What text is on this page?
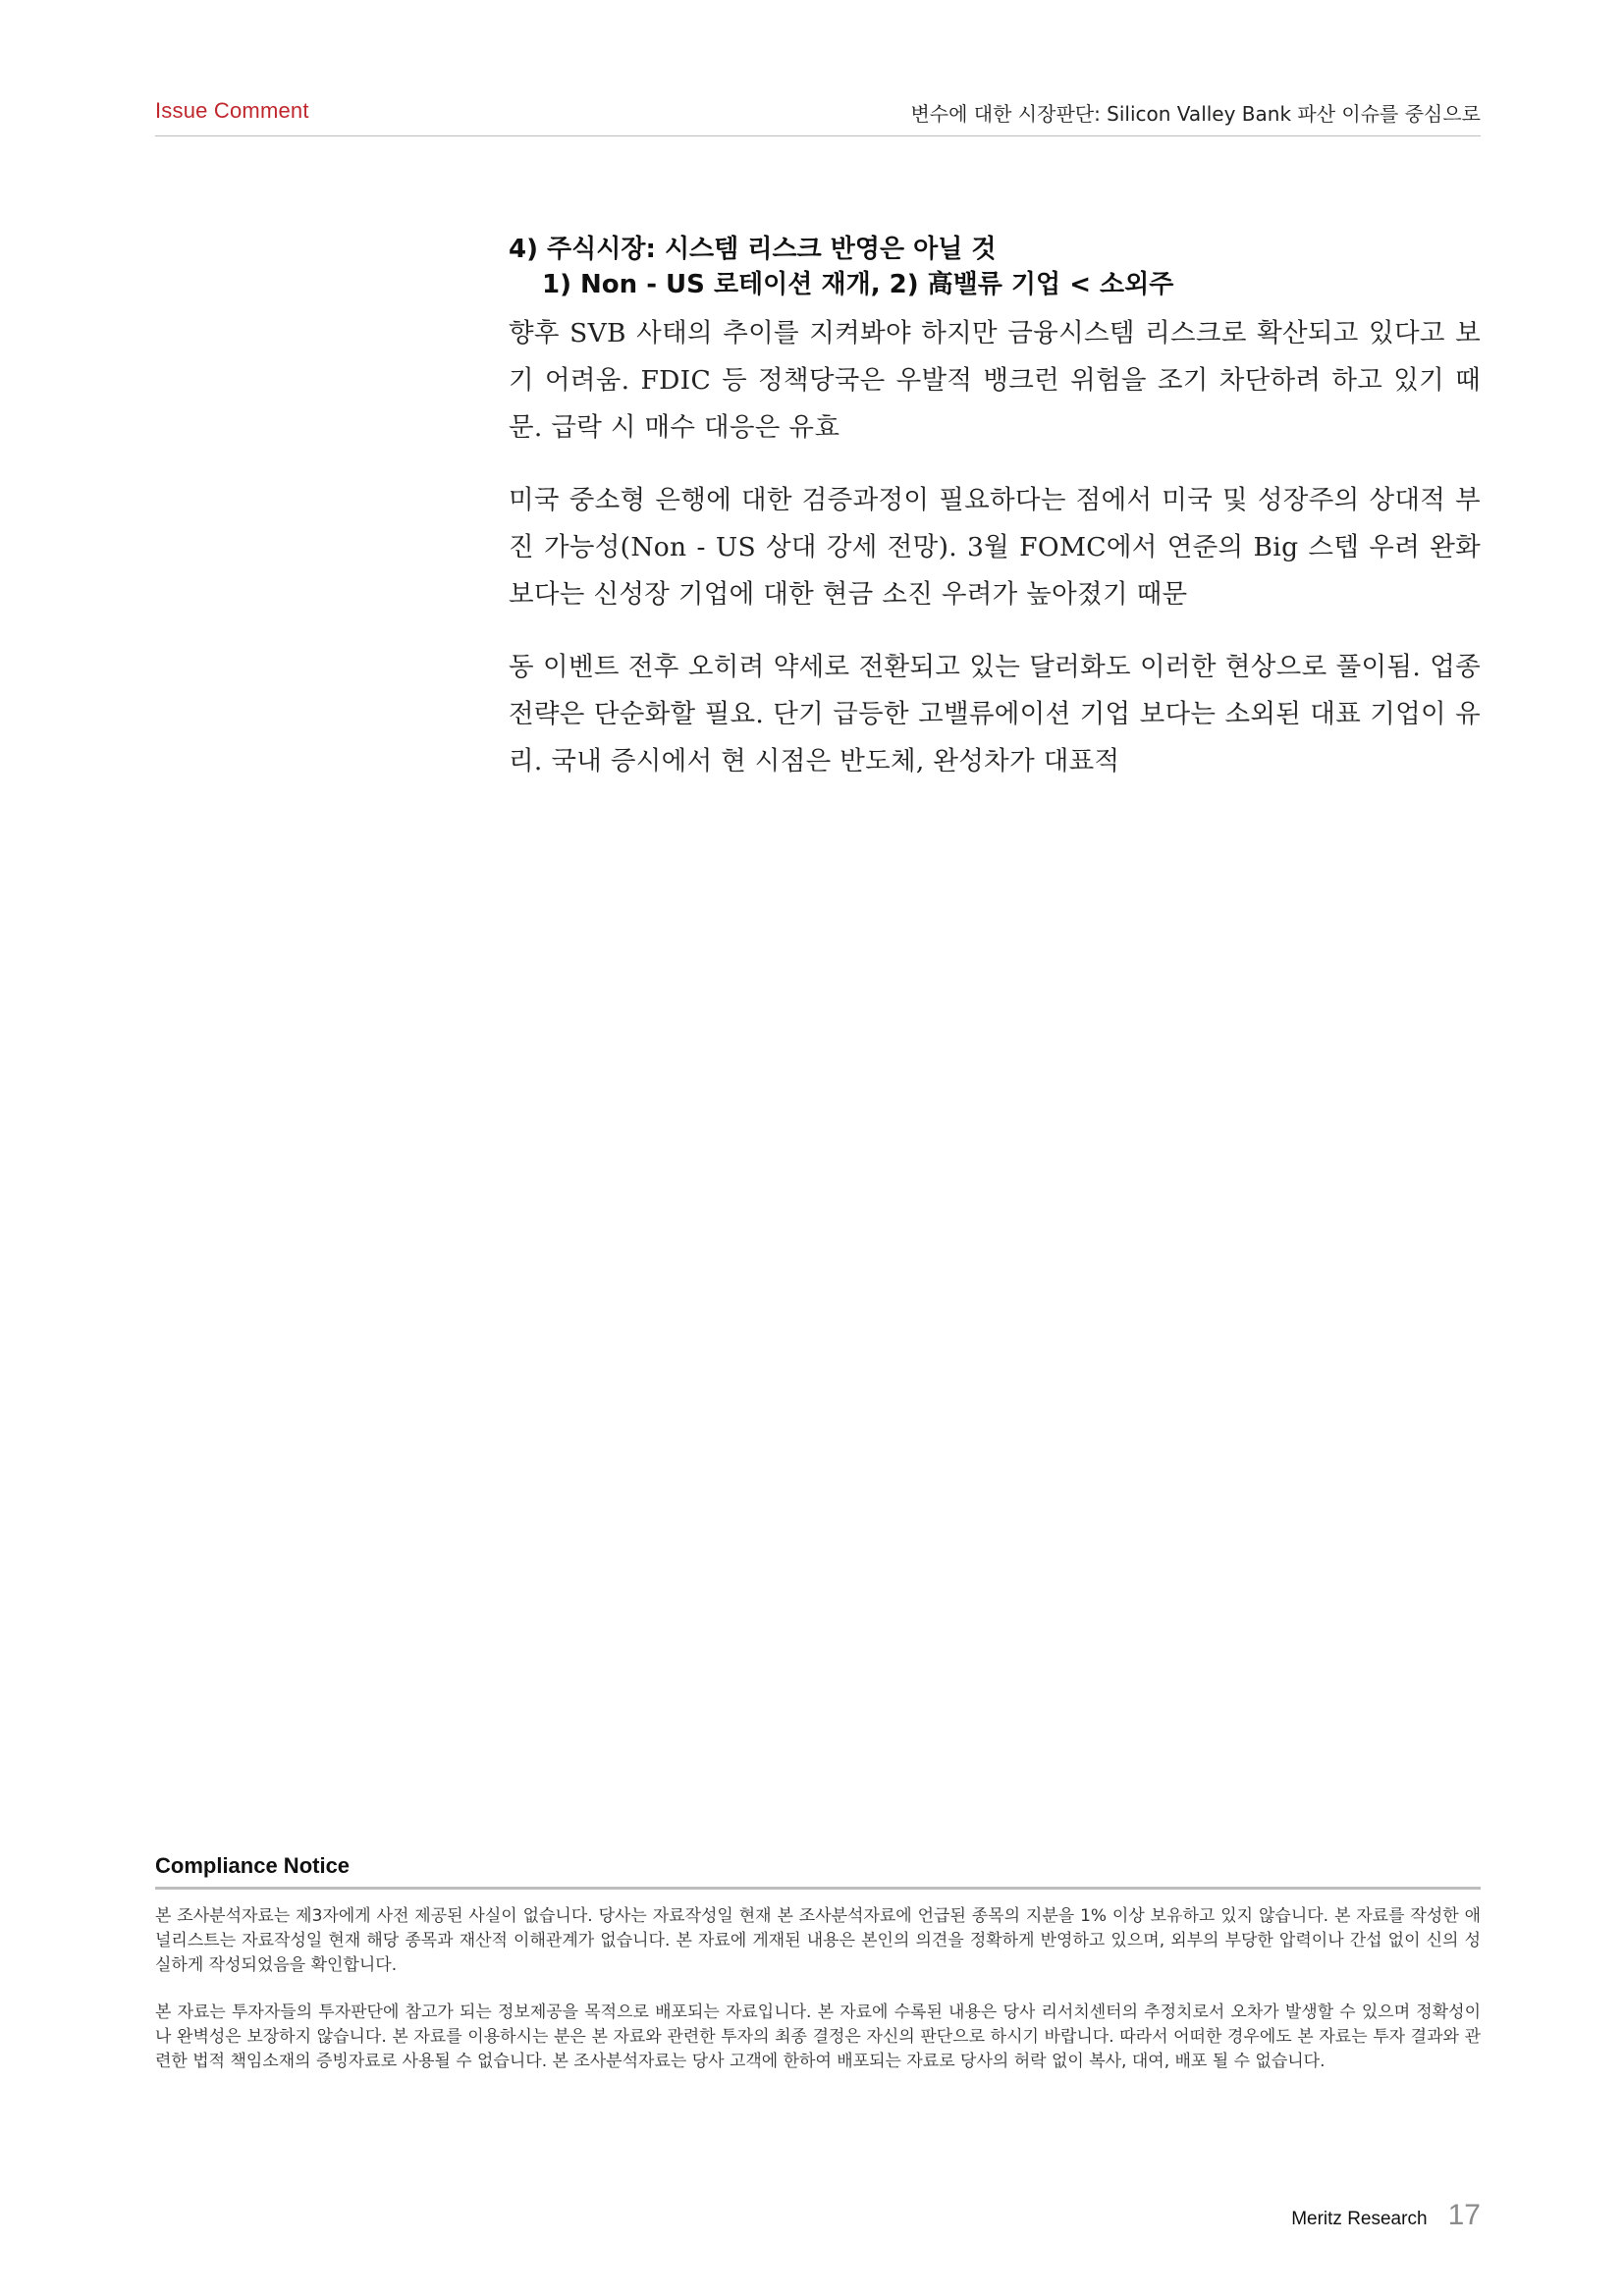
Issue Comment	변수에 대한 시장판단: Silicon Valley Bank 파산 이슈를 중심으로
4) 주식시장: 시스템 리스크 반영은 아닐 것
1) Non - US 로테이션 재개, 2) 高밸류 기업 < 소외주

향후 SVB 사태의 추이를 지켜봐야 하지만 금융시스템 리스크로 확산되고 있다고 보기 어려움. FDIC 등 정책당국은 우발적 뱅크런 위험을 조기 차단하려 하고 있기 때문. 급락 시 매수 대응은 유효

미국 중소형 은행에 대한 검증과정이 필요하다는 점에서 미국 및 성장주의 상대적 부진 가능성(Non - US 상대 강세 전망). 3월 FOMC에서 연준의 Big 스텝 우려 완화 보다는 신성장 기업에 대한 현금 소진 우려가 높아졌기 때문

동 이벤트 전후 오히려 약세로 전환되고 있는 달러화도 이러한 현상으로 풀이됨. 업종 전략은 단순화할 필요. 단기 급등한 고밸류에이션 기업 보다는 소외된 대표 기업이 유리. 국내 증시에서 현 시점은 반도체, 완성차가 대표적

Compliance Notice

본 조사분석자료는 제3자에게 사전 제공된 사실이 없습니다. 당사는 자료작성일 현재 본 조사분석자료에 언급된 종목의 지분을 1% 이상 보유하고 있지 않습니다. 본 자료를 작성한 애널리스트는 자료작성일 현재 해당 종목과 재산적 이해관계가 없습니다. 본 자료에 게재된 내용은 본인의 의견을 정확하게 반영하고 있으며, 외부의 부당한 압력이나 간섭 없이 신의 성실하게 작성되었음을 확인합니다.

본 자료는 투자자들의 투자판단에 참고가 되는 정보제공을 목적으로 배포되는 자료입니다. 본 자료에 수록된 내용은 당사 리서치센터의 추정치로서 오차가 발생할 수 있으며 정확성이나 완벽성은 보장하지 않습니다. 본 자료를 이용하시는 분은 본 자료와 관련한 투자의 최종 결정은 자신의 판단으로 하시기 바랍니다. 따라서 어떠한 경우에도 본 자료는 투자 결과와 관련한 법적 책임소재의 증빙자료로 사용될 수 없습니다. 본 조사분석자료는 당사 고객에 한하여 배포되는 자료로 당사의 허락 없이 복사, 대여, 배포 될 수 없습니다.

Meritz Research 17
